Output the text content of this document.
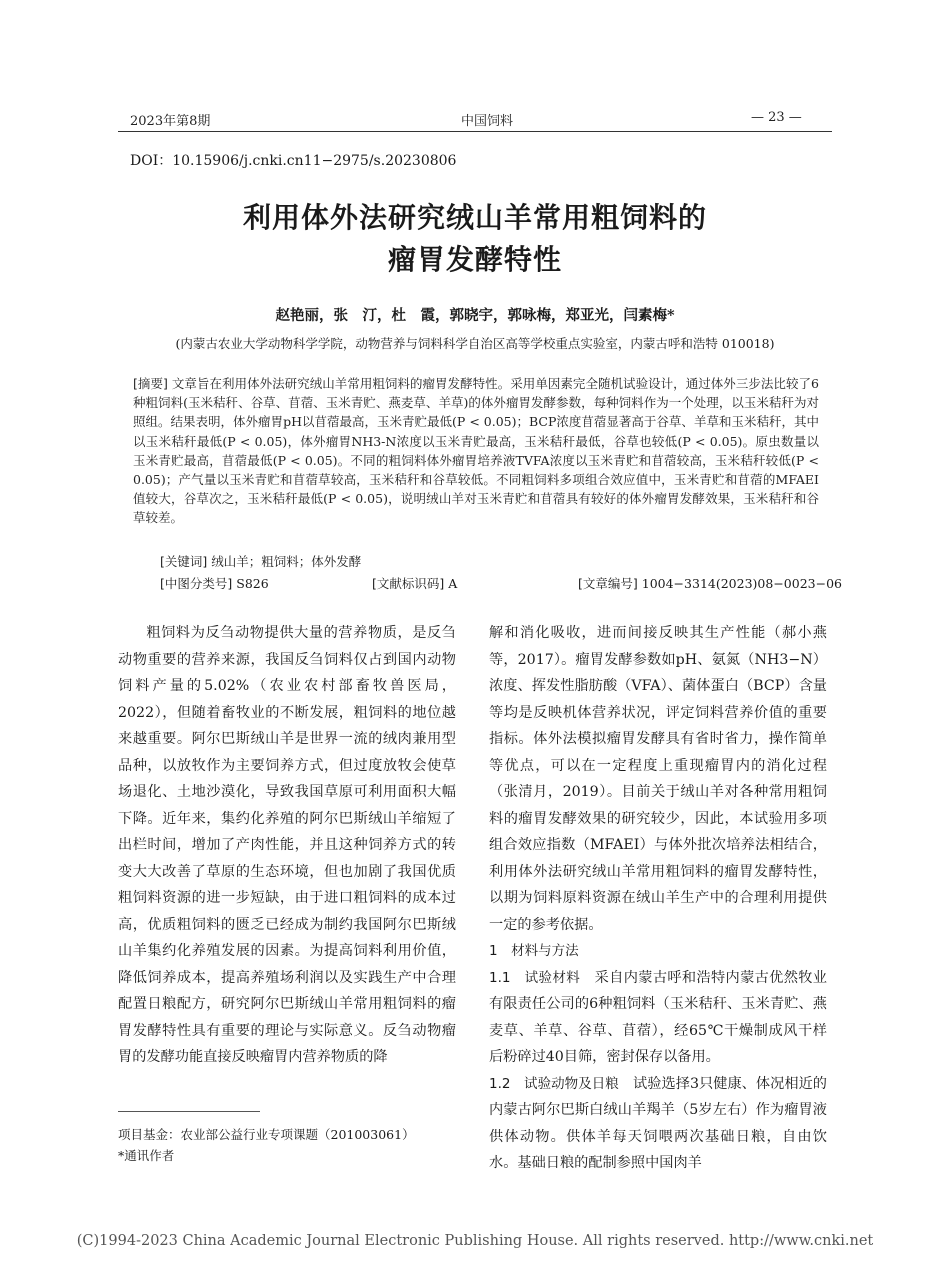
2023年第8期	中国饲料	— 23 —
DOI：10.15906/j.cnki.cn11−2975/s.20230806
利用体外法研究绒山羊常用粗饲料的
瘤胃发酵特性
赵艳丽，张　汀，杜　霞，郭晓宇，郭咏梅，郑亚光，闫素梅*
(内蒙古农业大学动物科学学院，动物营养与饲料科学自治区高等学校重点实验室，内蒙古呼和浩特 010018)
[摘要] 文章旨在利用体外法研究绒山羊常用粗饲料的瘤胃发酵特性。采用单因素完全随机试验设计，通过体外三步法比较了6种粗饲料(玉米秸秆、谷草、苜蓿、玉米青贮、燕麦草、羊草)的体外瘤胃发酵参数，每种饲料作为一个处理，以玉米秸秆为对照组。结果表明，体外瘤胃pH以苜蓿最高，玉米青贮最低(P < 0.05)；BCP浓度苜蓿显著高于谷草、羊草和玉米秸秆，其中以玉米秸秆最低(P < 0.05)，体外瘤胃NH3-N浓度以玉米青贮最高，玉米秸秆最低，谷草也较低(P < 0.05)。原虫数量以玉米青贮最高，苜蓿最低(P < 0.05)。不同的粗饲料体外瘤胃培养液TVFA浓度以玉米青贮和苜蓿较高，玉米秸秆较低(P < 0.05)；产气量以玉米青贮和苜蓿草较高，玉米秸秆和谷草较低。不同粗饲料多项组合效应值中，玉米青贮和苜蓿的MFAEI值较大，谷草次之，玉米秸秆最低(P < 0.05)，说明绒山羊对玉米青贮和苜蓿具有较好的体外瘤胃发酵效果，玉米秸秆和谷草较差。
[关键词] 绒山羊；粗饲料；体外发酵
[中图分类号] S826	[文献标识码] A	[文章编号] 1004−3314(2023)08−0023−06

粗饲料为反刍动物提供大量的营养物质，是反刍动物重要的营养来源，我国反刍饲料仅占到国内动物饲料产量的5.02%（农业农村部畜牧兽医局，2022），但随着畜牧业的不断发展，粗饲料的地位越来越重要。阿尔巴斯绒山羊是世界一流的绒肉兼用型品种，以放牧作为主要饲养方式，但过度放牧会使草场退化、土地沙漠化，导致我国草原可利用面积大幅下降。近年来，集约化养殖的阿尔巴斯绒山羊缩短了出栏时间，增加了产肉性能，并且这种饲养方式的转变大大改善了草原的生态环境，但也加剧了我国优质粗饲料资源的进一步短缺，由于进口粗饲料的成本过高，优质粗饲料的匮乏已经成为制约我国阿尔巴斯绒山羊集约化养殖发展的因素。为提高饲料利用价值，降低饲养成本，提高养殖场利润以及实践生产中合理配置日粮配方，研究阿尔巴斯绒山羊常用粗饲料的瘤胃发酵特性具有重要的理论与实际意义。反刍动物瘤胃的发酵功能直接反映瘤胃内营养物质的降

解和消化吸收，进而间接反映其生产性能（郝小燕等，2017）。瘤胃发酵参数如pH、氨氮（NH3−N）浓度、挥发性脂肪酸（VFA）、菌体蛋白（BCP）含量等均是反映机体营养状况，评定饲料营养价值的重要指标。体外法模拟瘤胃发酵具有省时省力，操作简单等优点，可以在一定程度上重现瘤胃内的消化过程（张清月，2019）。目前关于绒山羊对各种常用粗饲料的瘤胃发酵效果的研究较少，因此，本试验用多项组合效应指数（MFAEI）与体外批次培养法相结合，利用体外法研究绒山羊常用粗饲料的瘤胃发酵特性，以期为饲料原料资源在绒山羊生产中的合理利用提供一定的参考依据。

1　材料与方法

1.1　试验材料　 采自内蒙古呼和浩特内蒙古优然牧业有限责任公司的6种粗饲料（玉米秸秆、玉米青贮、燕麦草、羊草、谷草、苜蓿），经65℃干燥制成风干样后粉碎过40目筛，密封保存以备用。

1.2　试验动物及日粮　 试验选择3只健康、体况相近的内蒙古阿尔巴斯白绒山羊羯羊（5岁左右）作为瘤胃液供体动物。供体羊每天饲喂两次基础日粮，自由饮水。基础日粮的配制参照中国肉羊

项目基金：农业部公益行业专项课题（201003061）
*通讯作者
(C)1994-2023 China Academic Journal Electronic Publishing House. All rights reserved. http://www.cnki.net
